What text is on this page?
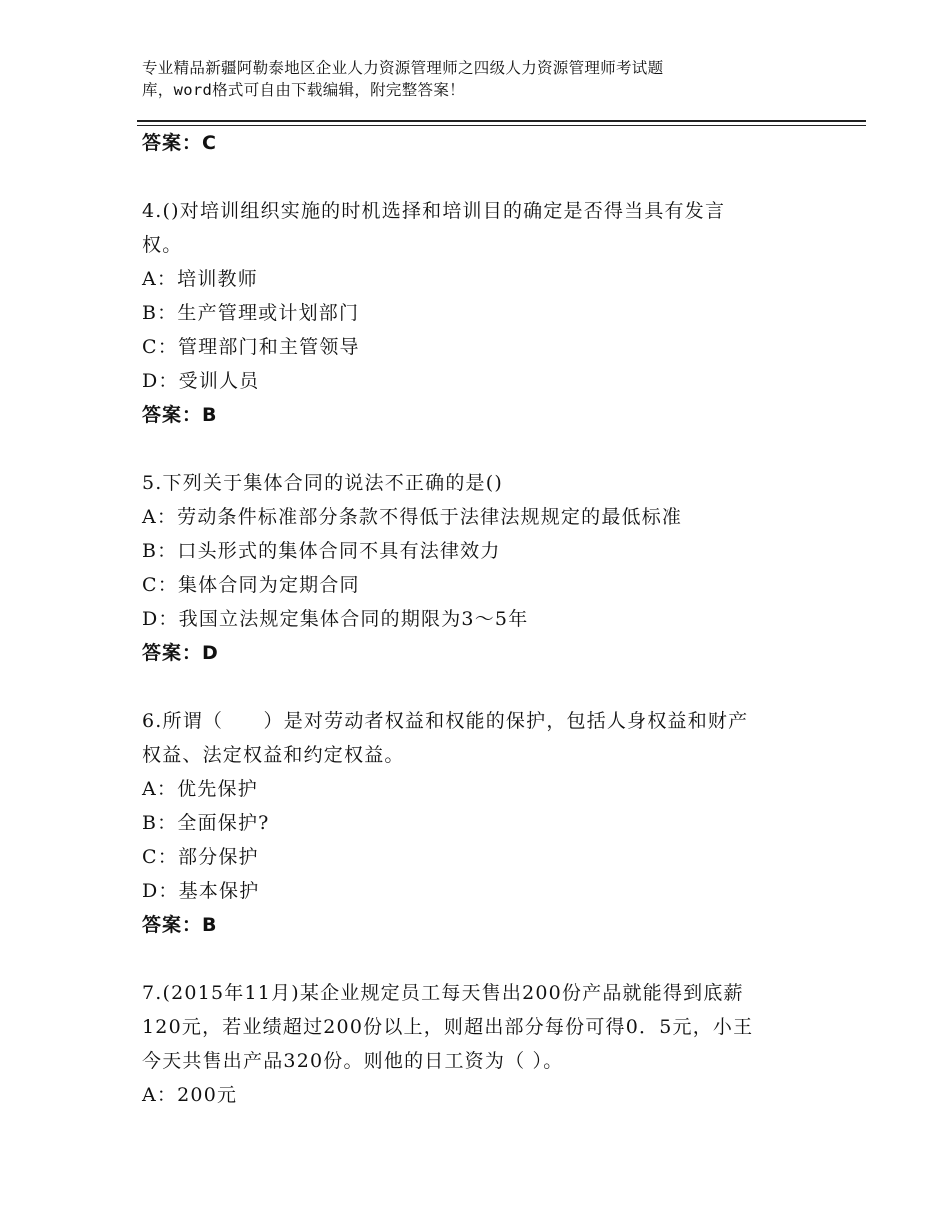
专业精品新疆阿勒泰地区企业人力资源管理师之四级人力资源管理师考试题
库，word格式可自由下载编辑，附完整答案！
答案：C
4.()对培训组织实施的时机选择和培训目的确定是否得当具有发言
权。
A：培训教师
B：生产管理或计划部门
C：管理部门和主管领导
D：受训人员
答案：B
5.下列关于集体合同的说法不正确的是()
A：劳动条件标准部分条款不得低于法律法规规定的最低标准
B：口头形式的集体合同不具有法律效力
C：集体合同为定期合同
D：我国立法规定集体合同的期限为3～5年
答案：D
6.所谓（　　）是对劳动者权益和权能的保护，包括人身权益和财产
权益、法定权益和约定权益。
A：优先保护
B：全面保护?
C：部分保护
D：基本保护
答案：B
7.(2015年11月)某企业规定员工每天售出200份产品就能得到底薪
120元，若业绩超过200份以上，则超出部分每份可得0．5元，小王
今天共售出产品320份。则他的日工资为（ ）。
A：200元
